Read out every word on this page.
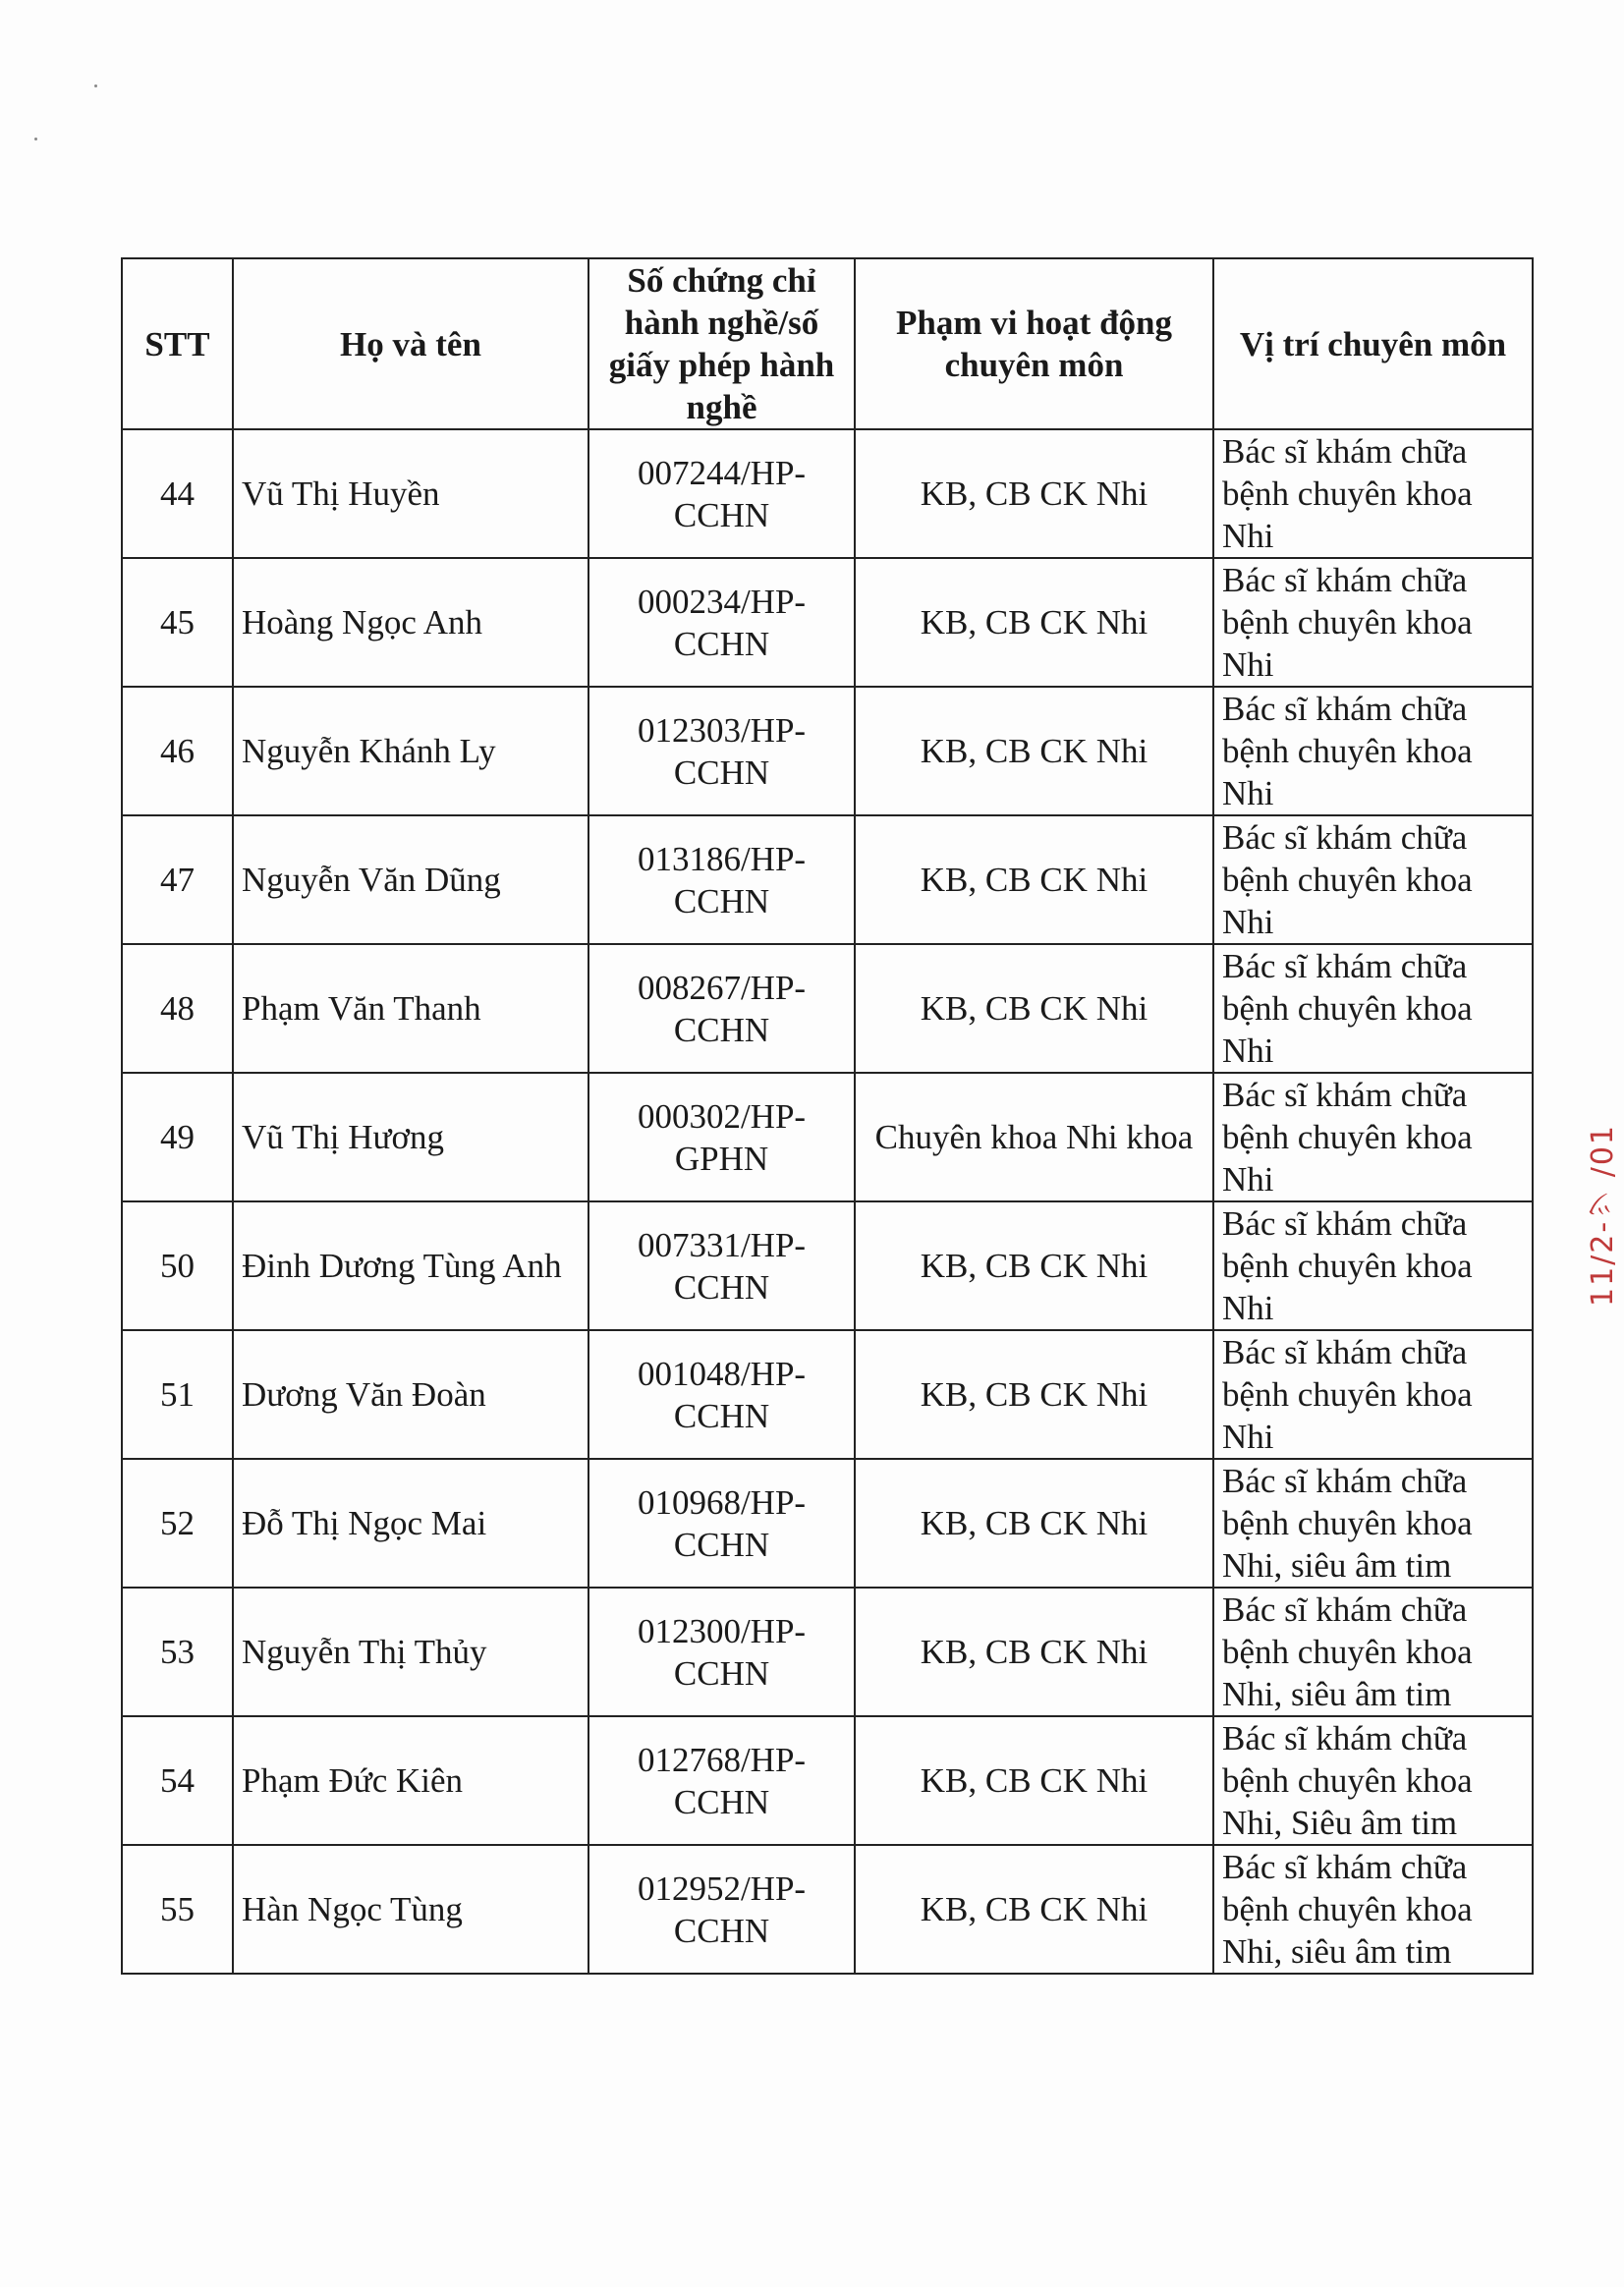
STT	Họ và tên	Số chứng chỉ hành nghề/số giấy phép hành nghề	Phạm vi hoạt động chuyên môn	Vị trí chuyên môn
44	Vũ Thị Huyền	007244/HP-CCHN	KB, CB CK Nhi	Bác sĩ khám chữa bệnh chuyên khoa Nhi
45	Hoàng Ngọc Anh	000234/HP-CCHN	KB, CB CK Nhi	Bác sĩ khám chữa bệnh chuyên khoa Nhi
46	Nguyễn Khánh Ly	012303/HP-CCHN	KB, CB CK Nhi	Bác sĩ khám chữa bệnh chuyên khoa Nhi
47	Nguyễn Văn Dũng	013186/HP-CCHN	KB, CB CK Nhi	Bác sĩ khám chữa bệnh chuyên khoa Nhi
48	Phạm Văn Thanh	008267/HP-CCHN	KB, CB CK Nhi	Bác sĩ khám chữa bệnh chuyên khoa Nhi
49	Vũ Thị Hương	000302/HP-GPHN	Chuyên khoa Nhi khoa	Bác sĩ khám chữa bệnh chuyên khoa Nhi
50	Đinh Dương Tùng Anh	007331/HP-CCHN	KB, CB CK Nhi	Bác sĩ khám chữa bệnh chuyên khoa Nhi
51	Dương Văn Đoàn	001048/HP-CCHN	KB, CB CK Nhi	Bác sĩ khám chữa bệnh chuyên khoa Nhi
52	Đỗ Thị Ngọc Mai	010968/HP-CCHN	KB, CB CK Nhi	Bác sĩ khám chữa bệnh chuyên khoa Nhi, siêu âm tim
53	Nguyễn Thị Thủy	012300/HP-CCHN	KB, CB CK Nhi	Bác sĩ khám chữa bệnh chuyên khoa Nhi, siêu âm tim
54	Phạm Đức Kiên	012768/HP-CCHN	KB, CB CK Nhi	Bác sĩ khám chữa bệnh chuyên khoa Nhi, Siêu âm tim
55	Hàn Ngọc Tùng	012952/HP-CCHN	KB, CB CK Nhi	Bác sĩ khám chữa bệnh chuyên khoa Nhi, siêu âm tim
11/2-ツ /01
